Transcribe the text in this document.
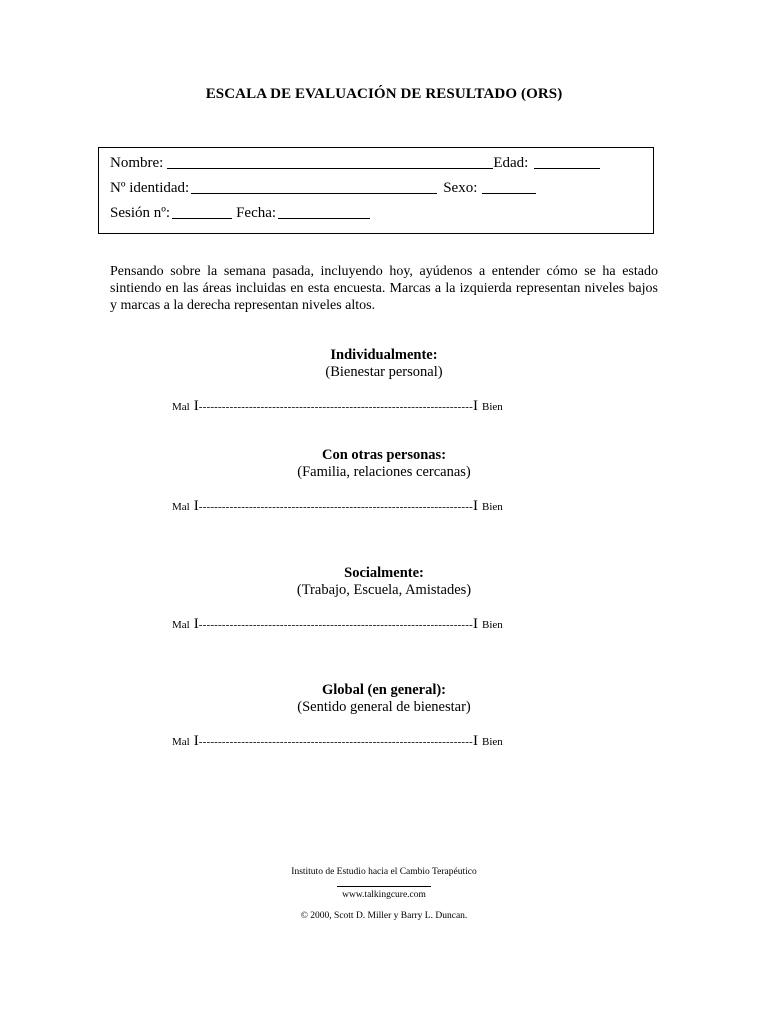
ESCALA DE EVALUACIÓN DE RESULTADO (ORS)
Nombre:	Edad:
Nº identidad:	Sexo:
Sesión nº:	Fecha:
Pensando sobre la semana pasada, incluyendo hoy, ayúdenos a entender cómo se ha estado sintiendo en las áreas incluidas en esta encuesta. Marcas a la izquierda representan niveles bajos y marcas a la derecha representan niveles altos.
Individualmente:
(Bienestar personal)
Mal I ----------------------------------------------------------------------- I Bien
Con otras personas:
(Familia, relaciones cercanas)
Mal I ----------------------------------------------------------------------- I Bien
Socialmente:
(Trabajo, Escuela, Amistades)
Mal I ----------------------------------------------------------------------- I Bien
Global (en general):
(Sentido general de bienestar)
Mal I ----------------------------------------------------------------------- I Bien
Instituto de Estudio hacia el Cambio Terapéutico
www.talkingcure.com
© 2000, Scott D. Miller y Barry L. Duncan.
